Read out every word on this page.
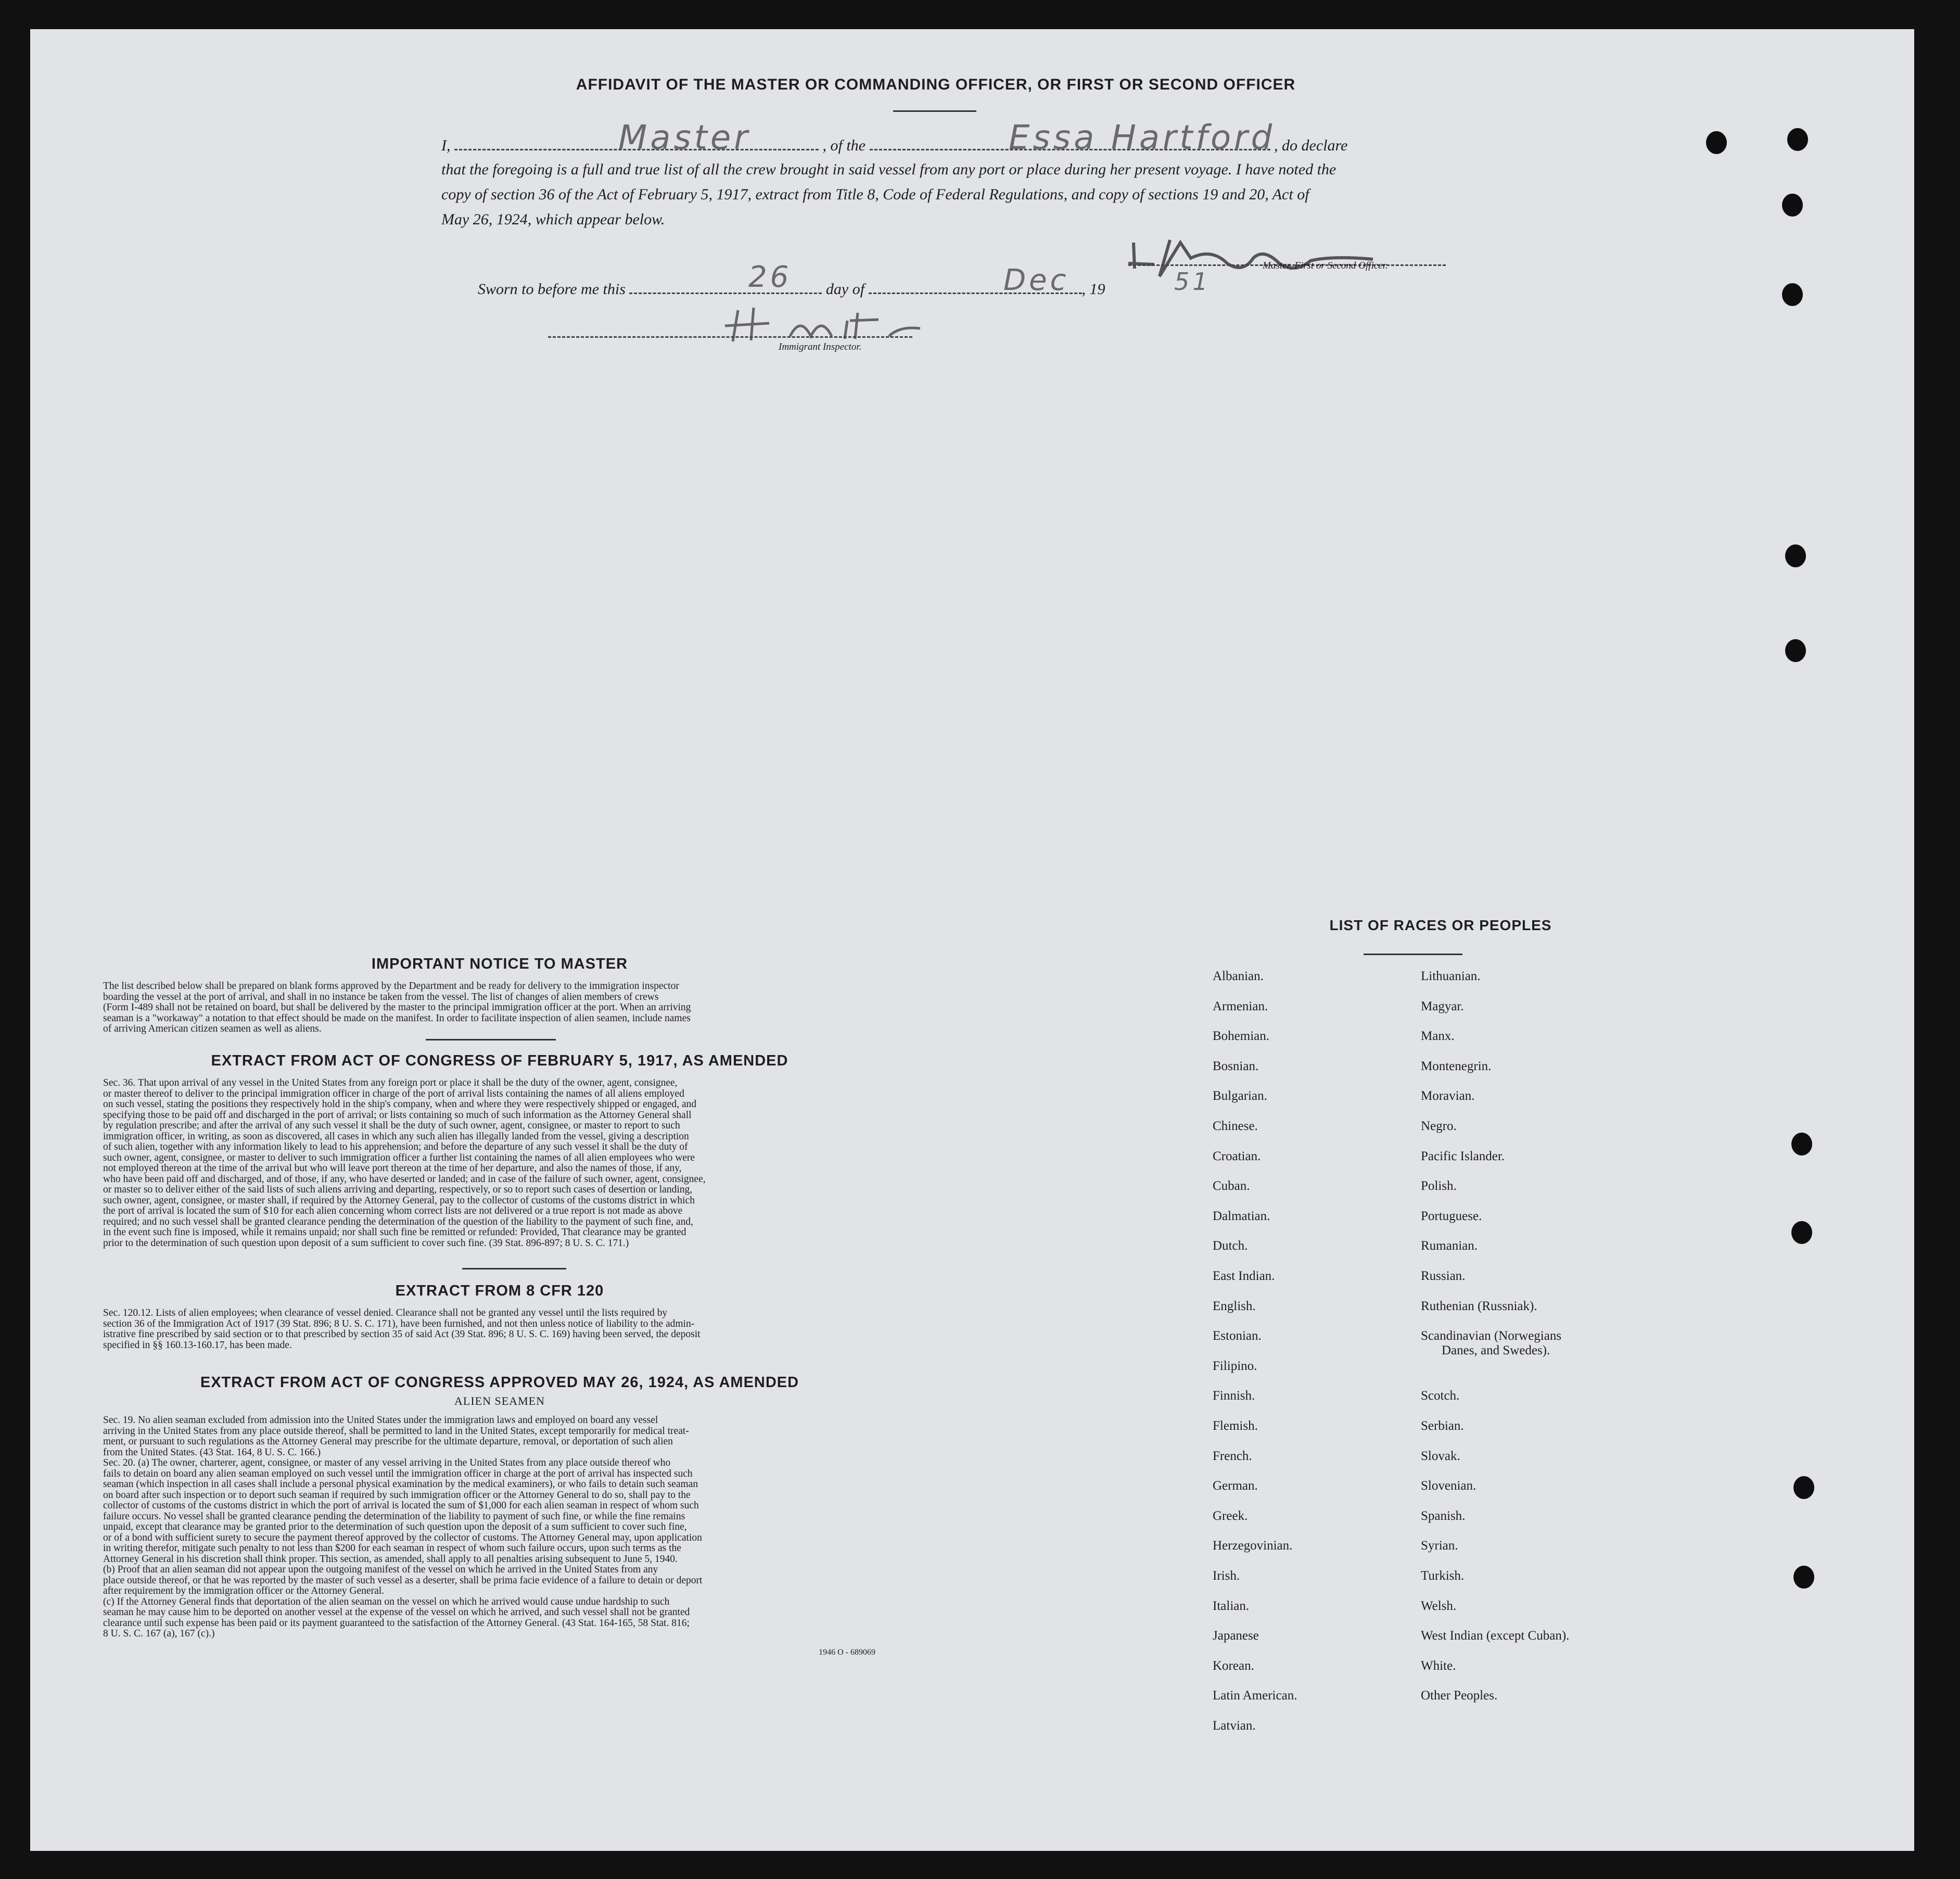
AFFIDAVIT OF THE MASTER OR COMMANDING OFFICER, OR FIRST OR SECOND OFFICER
I,	, of the	, do declare
Master	Essa Hartford
that the foregoing is a full and true list of all the crew brought in said vessel from any port or place during her present voyage. I have noted the
copy of section 36 of the Act of February 5, 1917, extract from Title 8, Code of Federal Regulations, and copy of sections 19 and 20, Act of
May 26, 1924, which appear below.
Master, First or Second Officer.
Sworn to before me this	day of	, 19
26	Dec	51
Immigrant Inspector.
IMPORTANT NOTICE TO MASTER
The list described below shall be prepared on blank forms approved by the Department and be ready for delivery to the immigration inspector
boarding the vessel at the port of arrival, and shall in no instance be taken from the vessel. The list of changes of alien members of crews
(Form I-489 shall not be retained on board, but shall be delivered by the master to the principal immigration officer at the port. When an arriving
seaman is a "workaway" a notation to that effect should be made on the manifest. In order to facilitate inspection of alien seamen, include names
of arriving American citizen seamen as well as aliens.
EXTRACT FROM ACT OF CONGRESS OF FEBRUARY 5, 1917, AS AMENDED
Sec. 36. That upon arrival of any vessel in the United States from any foreign port or place it shall be the duty of the owner, agent, consignee,
or master thereof to deliver to the principal immigration officer in charge of the port of arrival lists containing the names of all aliens employed
on such vessel, stating the positions they respectively hold in the ship's company, when and where they were respectively shipped or engaged, and
specifying those to be paid off and discharged in the port of arrival; or lists containing so much of such information as the Attorney General shall
by regulation prescribe; and after the arrival of any such vessel it shall be the duty of such owner, agent, consignee, or master to report to such
immigration officer, in writing, as soon as discovered, all cases in which any such alien has illegally landed from the vessel, giving a description
of such alien, together with any information likely to lead to his apprehension; and before the departure of any such vessel it shall be the duty of
such owner, agent, consignee, or master to deliver to such immigration officer a further list containing the names of all alien employees who were
not employed thereon at the time of the arrival but who will leave port thereon at the time of her departure, and also the names of those, if any,
who have been paid off and discharged, and of those, if any, who have deserted or landed; and in case of the failure of such owner, agent, consignee,
or master so to deliver either of the said lists of such aliens arriving and departing, respectively, or so to report such cases of desertion or landing,
such owner, agent, consignee, or master shall, if required by the Attorney General, pay to the collector of customs of the customs district in which
the port of arrival is located the sum of $10 for each alien concerning whom correct lists are not delivered or a true report is not made as above
required; and no such vessel shall be granted clearance pending the determination of the question of the liability to the payment of such fine, and,
in the event such fine is imposed, while it remains unpaid; nor shall such fine be remitted or refunded: Provided, That clearance may be granted
prior to the determination of such question upon deposit of a sum sufficient to cover such fine. (39 Stat. 896-897; 8 U. S. C. 171.)
EXTRACT FROM 8 CFR 120
Sec. 120.12. Lists of alien employees; when clearance of vessel denied. Clearance shall not be granted any vessel until the lists required by
section 36 of the Immigration Act of 1917 (39 Stat. 896; 8 U. S. C. 171), have been furnished, and not then unless notice of liability to the admin-
istrative fine prescribed by said section or to that prescribed by section 35 of said Act (39 Stat. 896; 8 U. S. C. 169) having been served, the deposit
specified in §§ 160.13-160.17, has been made.
EXTRACT FROM ACT OF CONGRESS APPROVED MAY 26, 1924, AS AMENDED
ALIEN SEAMEN
Sec. 19. No alien seaman excluded from admission into the United States under the immigration laws and employed on board any vessel
arriving in the United States from any place outside thereof, shall be permitted to land in the United States, except temporarily for medical treat-
ment, or pursuant to such regulations as the Attorney General may prescribe for the ultimate departure, removal, or deportation of such alien
from the United States. (43 Stat. 164, 8 U. S. C. 166.)
Sec. 20. (a) The owner, charterer, agent, consignee, or master of any vessel arriving in the United States from any place outside thereof who
fails to detain on board any alien seaman employed on such vessel until the immigration officer in charge at the port of arrival has inspected such
seaman (which inspection in all cases shall include a personal physical examination by the medical examiners), or who fails to detain such seaman
on board after such inspection or to deport such seaman if required by such immigration officer or the Attorney General to do so, shall pay to the
collector of customs of the customs district in which the port of arrival is located the sum of $1,000 for each alien seaman in respect of whom such
failure occurs. No vessel shall be granted clearance pending the determination of the liability to payment of such fine, or while the fine remains
unpaid, except that clearance may be granted prior to the determination of such question upon the deposit of a sum sufficient to cover such fine,
or of a bond with sufficient surety to secure the payment thereof approved by the collector of customs. The Attorney General may, upon application
in writing therefor, mitigate such penalty to not less than $200 for each seaman in respect of whom such failure occurs, upon such terms as the
Attorney General in his discretion shall think proper. This section, as amended, shall apply to all penalties arising subsequent to June 5, 1940.
(b) Proof that an alien seaman did not appear upon the outgoing manifest of the vessel on which he arrived in the United States from any
place outside thereof, or that he was reported by the master of such vessel as a deserter, shall be prima facie evidence of a failure to detain or deport
after requirement by the immigration officer or the Attorney General.
(c) If the Attorney General finds that deportation of the alien seaman on the vessel on which he arrived would cause undue hardship to such
seaman he may cause him to be deported on another vessel at the expense of the vessel on which he arrived, and such vessel shall not be granted
clearance until such expense has been paid or its payment guaranteed to the satisfaction of the Attorney General. (43 Stat. 164-165, 58 Stat. 816;
8 U. S. C. 167 (a), 167 (c).)
1946 O - 689069
LIST OF RACES OR PEOPLES
Albanian.
Armenian.
Bohemian.
Bosnian.
Bulgarian.
Chinese.
Croatian.
Cuban.
Dalmatian.
Dutch.
East Indian.
English.
Estonian.
Filipino.
Finnish.
Flemish.
French.
German.
Greek.
Herzegovinian.
Irish.
Italian.
Japanese
Korean.
Latin American.
Latvian.
Lithuanian.
Magyar.
Manx.
Montenegrin.
Moravian.
Negro.
Pacific Islander.
Polish.
Portuguese.
Rumanian.
Russian.
Ruthenian (Russniak).
Scandinavian (Norwegians
Danes, and Swedes).
Scotch.
Serbian.
Slovak.
Slovenian.
Spanish.
Syrian.
Turkish.
Welsh.
West Indian (except Cuban).
White.
Other Peoples.
